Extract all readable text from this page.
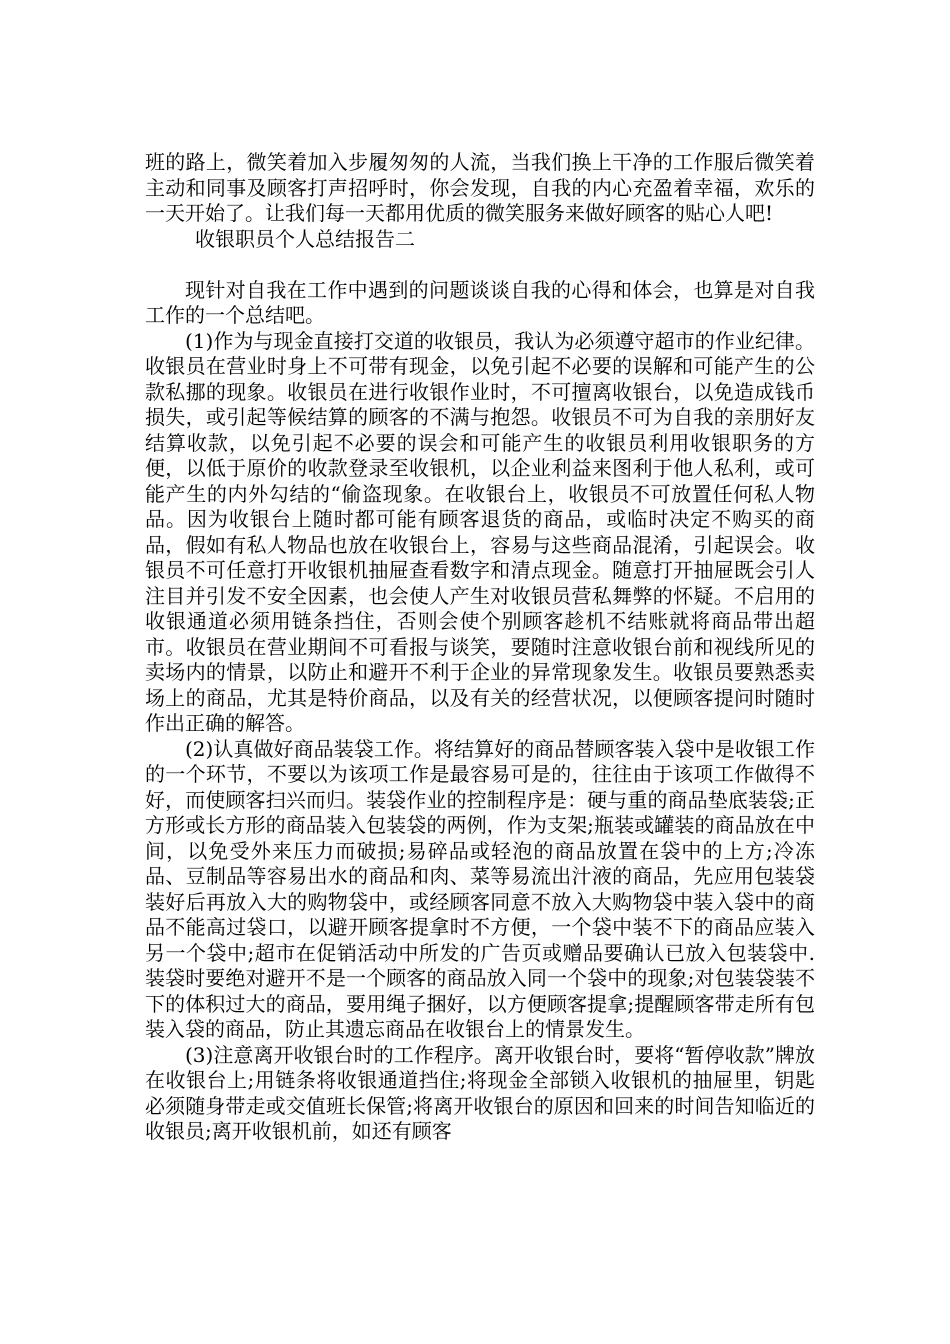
班的路上，微笑着加入步履匆匆的人流，当我们换上干净的工作服后微笑着主动和同事及顾客打声招呼时，你会发现，自我的内心充盈着幸福，欢乐的一天开始了。让我们每一天都用优质的微笑服务来做好顾客的贴心人吧!

收银职员个人总结报告二

现针对自我在工作中遇到的问题谈谈自我的心得和体会，也算是对自我工作的一个总结吧。

(1)作为与现金直接打交道的收银员，我认为必须遵守超市的作业纪律。收银员在营业时身上不可带有现金，以免引起不必要的误解和可能产生的公款私挪的现象。收银员在进行收银作业时，不可擅离收银台，以免造成钱币损失，或引起等候结算的顾客的不满与抱怨。收银员不可为自我的亲朋好友结算收款，以免引起不必要的误会和可能产生的收银员利用收银职务的方便，以低于原价的收款登录至收银机，以企业利益来图利于他人私利，或可能产生的内外勾结的“偷盗现象。在收银台上，收银员不可放置任何私人物品。因为收银台上随时都可能有顾客退货的商品，或临时决定不购买的商品，假如有私人物品也放在收银台上，容易与这些商品混淆，引起误会。收银员不可任意打开收银机抽屉查看数字和清点现金。随意打开抽屉既会引人注目并引发不安全因素，也会使人产生对收银员营私舞弊的怀疑。不启用的收银通道必须用链条挡住，否则会使个别顾客趁机不结账就将商品带出超市。收银员在营业期间不可看报与谈笑，要随时注意收银台前和视线所见的卖场内的情景，以防止和避开不利于企业的异常现象发生。收银员要熟悉卖场上的商品，尤其是特价商品，以及有关的经营状况，以便顾客提问时随时作出正确的解答。

(2)认真做好商品装袋工作。将结算好的商品替顾客装入袋中是收银工作的一个环节，不要以为该项工作是最容易可是的，往往由于该项工作做得不好，而使顾客扫兴而归。装袋作业的控制程序是：硬与重的商品垫底装袋;正方形或长方形的商品装入包装袋的两例，作为支架;瓶装或罐装的商品放在中间，以免受外来压力而破损;易碎品或轻泡的商品放置在袋中的上方;冷冻品、豆制品等容易出水的商品和肉、菜等易流出汁液的商品，先应用包装袋装好后再放入大的购物袋中，或经顾客同意不放入大购物袋中装入袋中的商品不能高过袋口，以避开顾客提拿时不方便，一个袋中装不下的商品应装入另一个袋中;超市在促销活动中所发的广告页或赠品要确认已放入包装袋中.装袋时要绝对避开不是一个顾客的商品放入同一个袋中的现象;对包装袋装不下的体积过大的商品，要用绳子捆好，以方便顾客提拿;提醒顾客带走所有包装入袋的商品，防止其遗忘商品在收银台上的情景发生。

(3)注意离开收银台时的工作程序。离开收银台时，要将“暂停收款”牌放在收银台上;用链条将收银通道挡住;将现金全部锁入收银机的抽屉里，钥匙必须随身带走或交值班长保管;将离开收银台的原因和回来的时间告知临近的收银员;离开收银机前，如还有顾客
